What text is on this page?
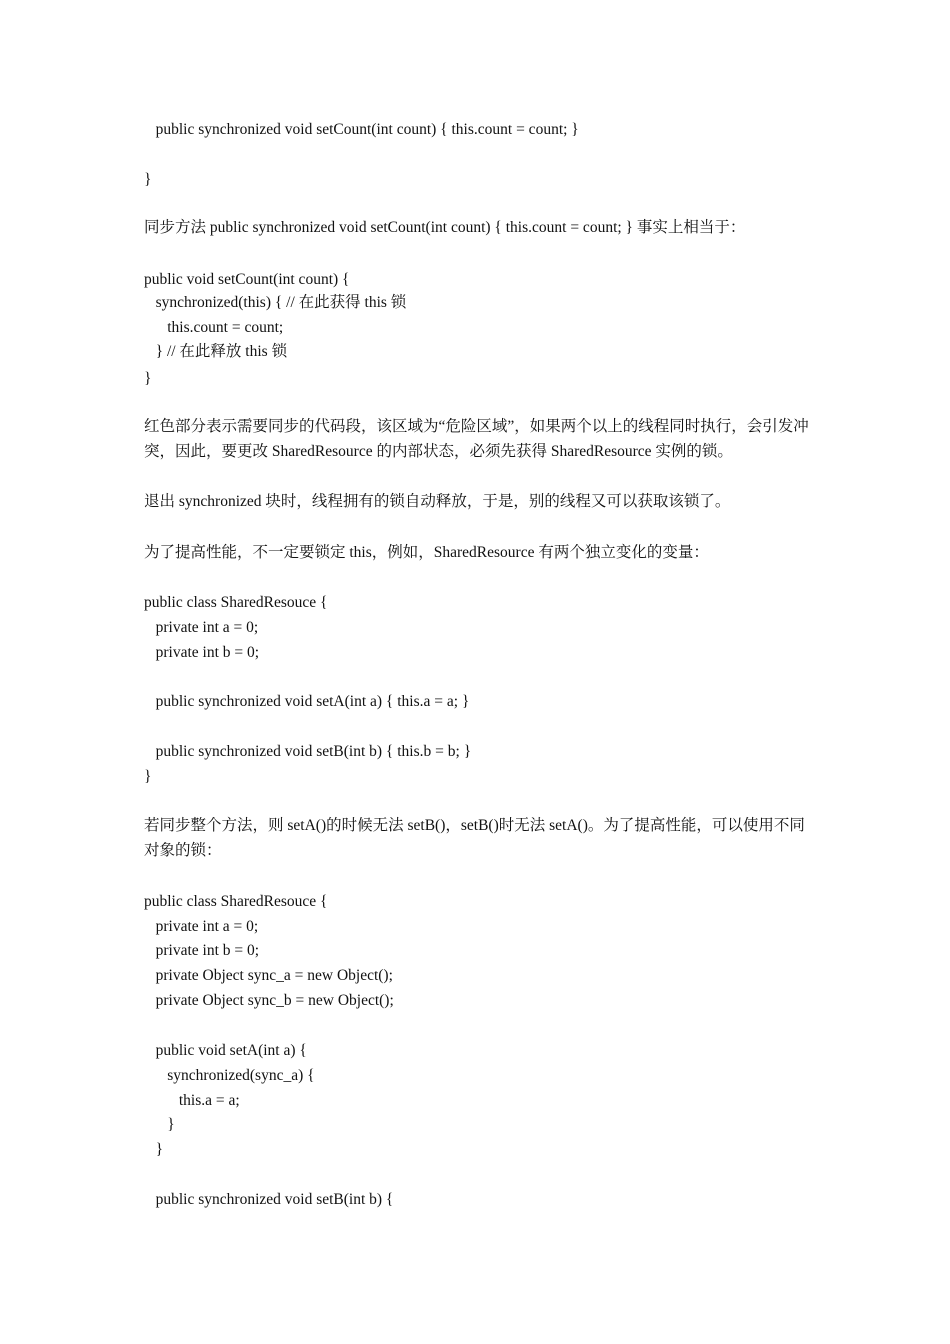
public synchronized void setCount(int count) { this.count = count; }
}
同步方法 public synchronized void setCount(int count) { this.count = count; } 事实上相当于：
public void setCount(int count) {
synchronized(this) { // 在此获得 this 锁
this.count = count;
} // 在此释放 this 锁
}
红色部分表示需要同步的代码段，该区域为“危险区域”，如果两个以上的线程同时执行，会引发冲突，因此，要更改 SharedResource 的内部状态，必须先获得 SharedResource 实例的锁。
退出 synchronized 块时，线程拥有的锁自动释放，于是，别的线程又可以获取该锁了。
为了提高性能，不一定要锁定 this，例如，SharedResource 有两个独立变化的变量：
public class SharedResouce {
private int a = 0;
private int b = 0;
public synchronized void setA(int a) { this.a = a; }
public synchronized void setB(int b) { this.b = b; }
}
若同步整个方法，则 setA()的时候无法 setB()，setB()时无法 setA()。为了提高性能，可以使用不同对象的锁：
public class SharedResouce {
private int a = 0;
private int b = 0;
private Object sync_a = new Object();
private Object sync_b = new Object();
public void setA(int a) {
synchronized(sync_a) {
this.a = a;
}
}
public synchronized void setB(int b) {
